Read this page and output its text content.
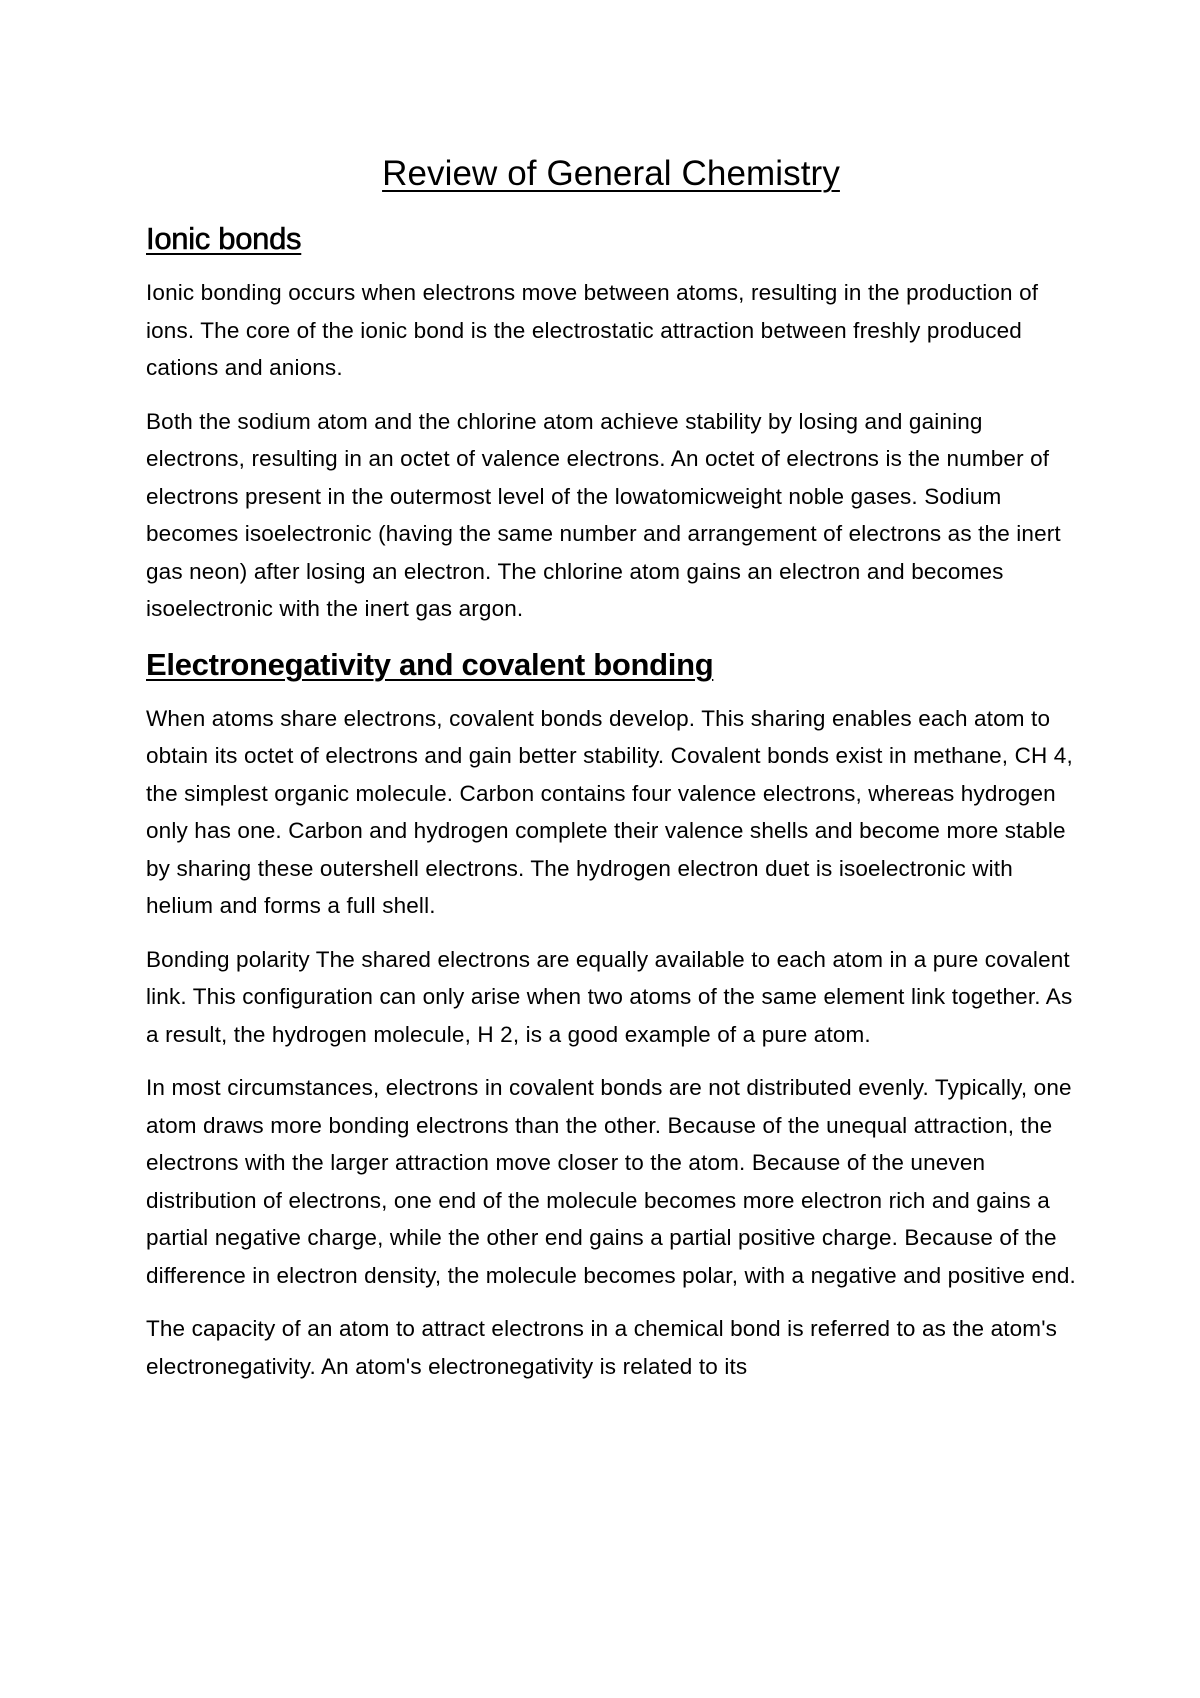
Review of General Chemistry
Ionic bonds

Ionic bonding occurs when electrons move between atoms, resulting in the production of ions. The core of the ionic bond is the electrostatic attraction between freshly produced cations and anions.

Both the sodium atom and the chlorine atom achieve stability by losing and gaining electrons, resulting in an octet of valence electrons. An octet of electrons is the number of electrons present in the outermost level of the lowatomicweight noble gases. Sodium becomes isoelectronic (having the same number and arrangement of electrons as the inert gas neon) after losing an electron. The chlorine atom gains an electron and becomes isoelectronic with the inert gas argon.

Electronegativity and covalent bonding

When atoms share electrons, covalent bonds develop. This sharing enables each atom to obtain its octet of electrons and gain better stability. Covalent bonds exist in methane, CH 4, the simplest organic molecule. Carbon contains four valence electrons, whereas hydrogen only has one. Carbon and hydrogen complete their valence shells and become more stable by sharing these outershell electrons. The hydrogen electron duet is isoelectronic with helium and forms a full shell.

Bonding polarity The shared electrons are equally available to each atom in a pure covalent link. This configuration can only arise when two atoms of the same element link together. As a result, the hydrogen molecule, H 2, is a good example of a pure atom.

In most circumstances, electrons in covalent bonds are not distributed evenly. Typically, one atom draws more bonding electrons than the other. Because of the unequal attraction, the electrons with the larger attraction move closer to the atom. Because of the uneven distribution of electrons, one end of the molecule becomes more electron rich and gains a partial negative charge, while the other end gains a partial positive charge. Because of the difference in electron density, the molecule becomes polar, with a negative and positive end.

The capacity of an atom to attract electrons in a chemical bond is referred to as the atom's electronegativity. An atom's electronegativity is related to its
